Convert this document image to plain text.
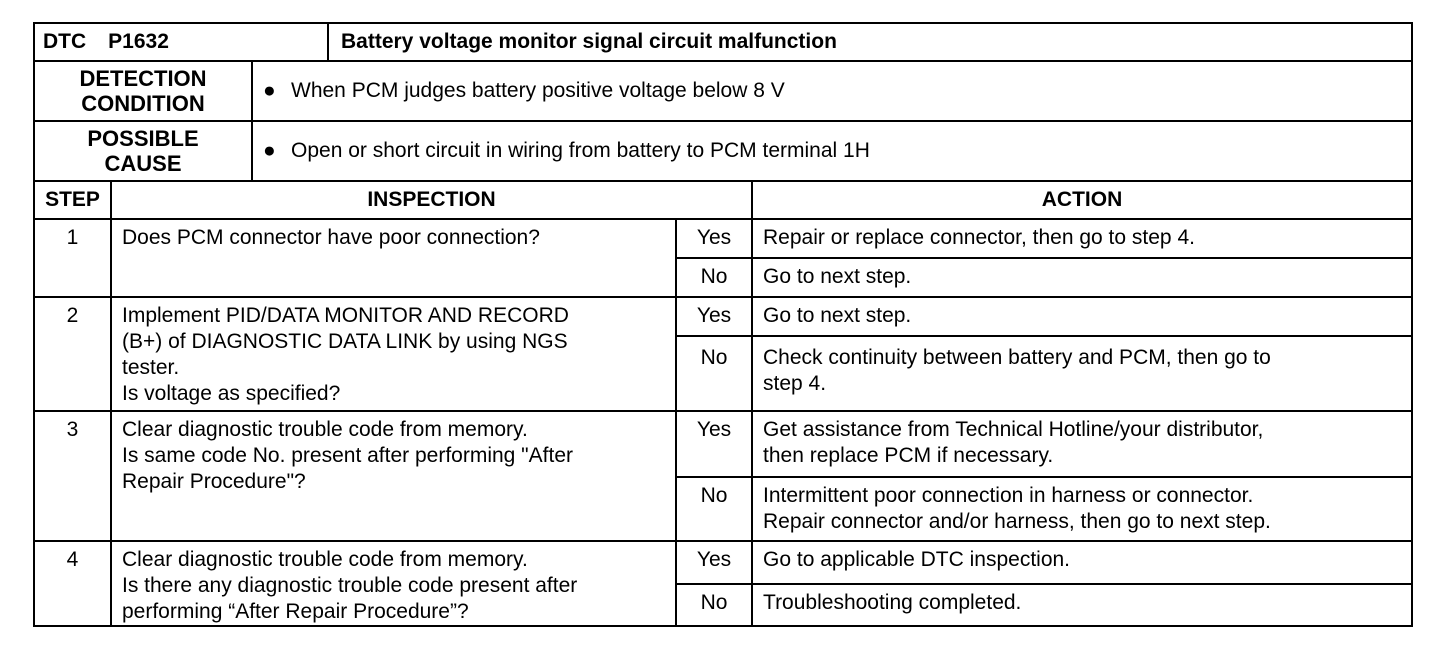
DTC P1632		Battery voltage monitor signal circuit malfunction
DETECTION
CONDITION	● When PCM judges battery positive voltage below 8 V	
POSSIBLE
CAUSE	● Open or short circuit in wiring from battery to PCM terminal 1H	
STEP	INSPECTION		ACTION
1	Does PCM connector have poor connection?	Yes	Repair or replace connector, then go to step 4.
		No	Go to next step.
2	Implement PID/DATA MONITOR AND RECORD
(B+) of DIAGNOSTIC DATA LINK by using NGS
tester.
Is voltage as specified?	Yes	Go to next step.
		No	Check continuity between battery and PCM, then go to
step 4.
3	Clear diagnostic trouble code from memory.
Is same code No. present after performing "After
Repair Procedure"?	Yes	Get assistance from Technical Hotline/your distributor,
then replace PCM if necessary.
		No	Intermittent poor connection in harness or connector.
Repair connector and/or harness, then go to next step.
4	Clear diagnostic trouble code from memory.
Is there any diagnostic trouble code present after
performing “After Repair Procedure”?	Yes	Go to applicable DTC inspection.
		No	Troubleshooting completed.
